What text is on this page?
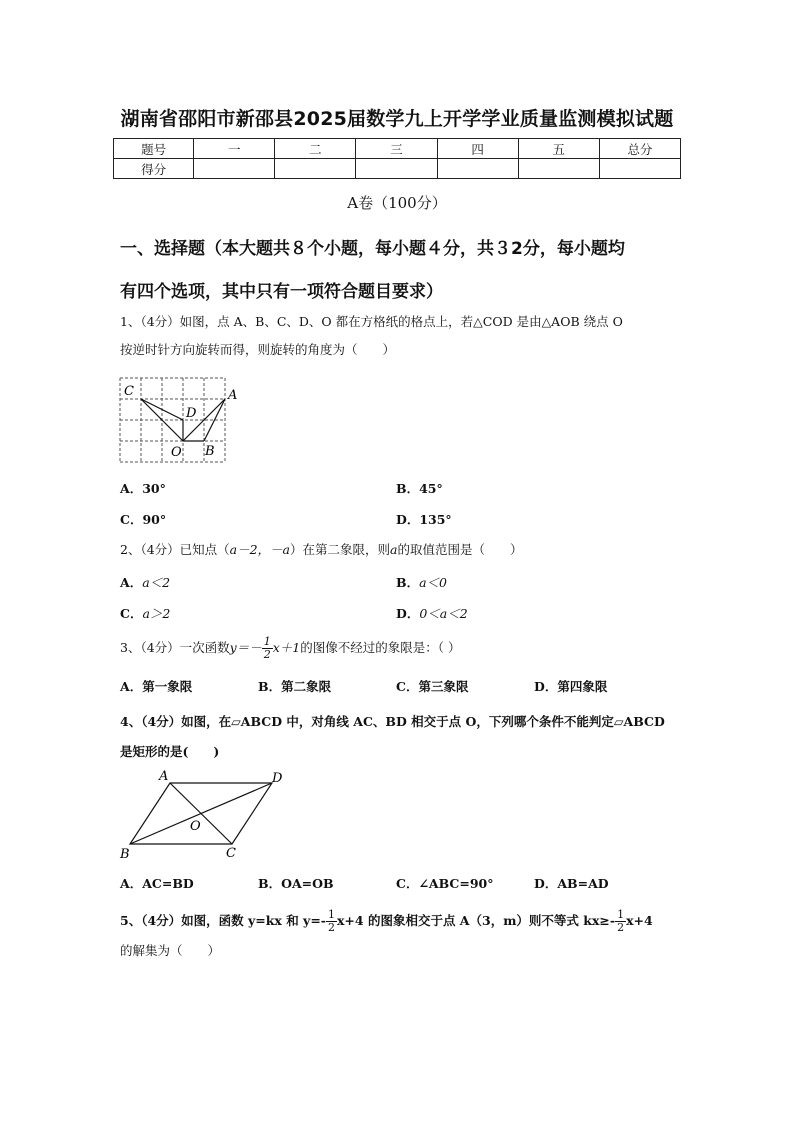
湖南省邵阳市新邵县2025届数学九上开学学业质量监测模拟试题
题号	一	二	三	四	五	总分
得分						
A卷（100分）
一、选择题（本大题共８个小题，每小题４分，共３2分，每小题均
有四个选项，其中只有一项符合题目要求）
1、（4分）如图，点 A、B、C、D、O 都在方格纸的格点上，若△COD 是由△AOB 绕点 O
按逆时针方向旋转而得，则旋转的角度为（　　）
C	A
D
O B
A．30°	B．45°
C．90°	D．135°
2、（4分）已知点（a－2，－a）在第二象限，则a的取值范围是（　　）
A．a＜2	B．a＜0
C．a＞2	D．0＜a＜2
3、（4分）一次函数$y=- \frac{1}{2} x+1$的图像不经过的象限是：（ ）
A．第一象限	B．第二象限	C．第三象限	D．第四象限
4、（4分）如图，在▱ABCD 中，对角线 AC、BD 相交于点 O，下列哪个条件不能判定▱ABCD
是矩形的是(　　)
A	D
O
B	C
A．AC=BD	B．OA=OB	C．∠ABC=90°	D．AB=AD
5、（4分）如图，函数 y=kx 和 $y=- \frac{1}{2} x+4$ 的图象相交于点 A（3，m）则不等式 $kx\ge- \frac{1}{2} x+4$
的解集为（　　）
